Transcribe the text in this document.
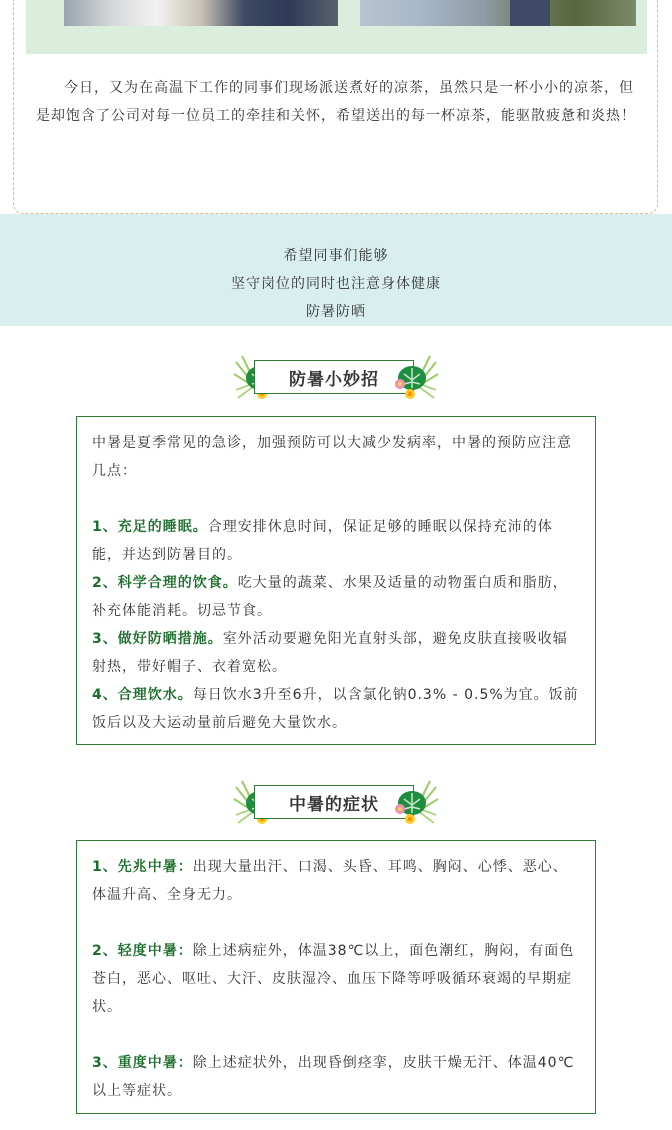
今日，又为在高温下工作的同事们现场派送煮好的凉茶，虽然只是一杯小小的凉茶，但是却饱含了公司对每一位员工的牵挂和关怀，希望送出的每一杯凉茶，能驱散疲惫和炎热！

希望同事们能够

坚守岗位的同时也注意身体健康

防暑防晒

防暑小妙招

中暑是夏季常见的急诊，加强预防可以大减少发病率，中暑的预防应注意几点：

1、充足的睡眠。合理安排休息时间，保证足够的睡眠以保持充沛的体能，并达到防暑目的。

2、科学合理的饮食。吃大量的蔬菜、水果及适量的动物蛋白质和脂肪，补充体能消耗。切忌节食。

3、做好防晒措施。室外活动要避免阳光直射头部，避免皮肤直接吸收辐射热，带好帽子、衣着宽松。

4、合理饮水。每日饮水3升至6升，以含氯化钠0.3% - 0.5%为宜。饭前饭后以及大运动量前后避免大量饮水。

中暑的症状

1、先兆中暑：出现大量出汗、口渴、头昏、耳鸣、胸闷、心悸、恶心、体温升高、全身无力。

2、轻度中暑：除上述病症外，体温38℃以上，面色潮红，胸闷，有面色苍白，恶心、呕吐、大汗、皮肤湿冷、血压下降等呼吸循环衰竭的早期症状。

3、重度中暑：除上述症状外，出现昏倒痉挛，皮肤干燥无汗、体温40℃以上等症状。
